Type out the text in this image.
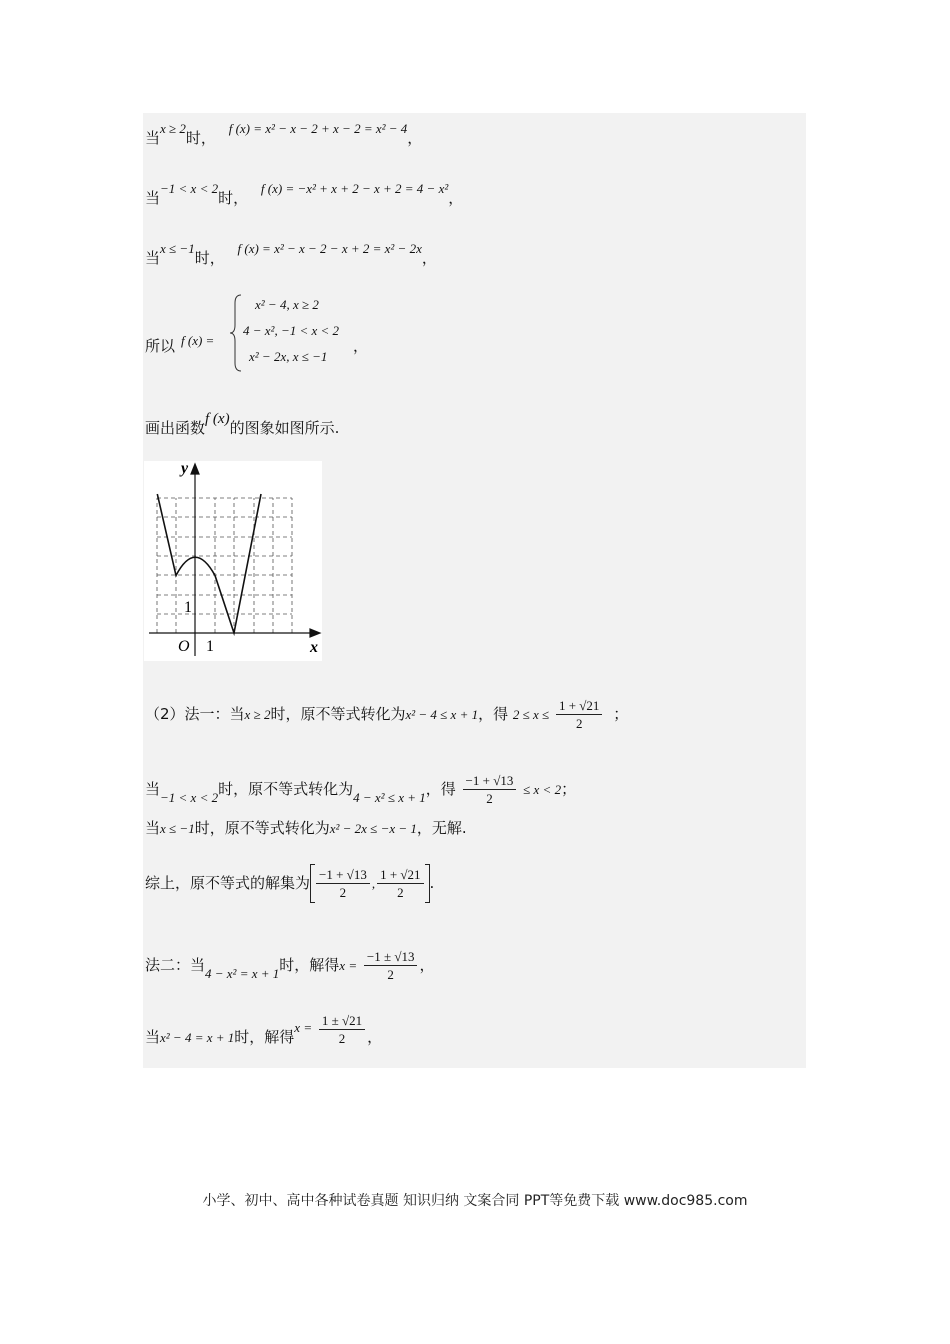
当x ≥ 2时， f (x) = x² − x − 2 + x − 2 = x² − 4，
当−1 < x < 2时， f (x) = −x² + x + 2 − x + 2 = 4 − x²，
当x ≤ −1时， f (x) = x² − x − 2 − x + 2 = x² − 2x，
所以 f (x) =
x² − 4, x ≥ 2
4 − x², −1 < x < 2
x² − 2x, x ≤ −1
，
画出函数f (x)的图象如图所示.
y
x
O 1
1
（2）法一：当x ≥ 2时，原不等式转化为x² − 4 ≤ x + 1，得 $2 \le x \le \frac{1 + √21}{2}$ ；
当−1 < x < 2时，原不等式转化为4 − x² ≤ x + 1，得 $\frac{-1 + √13}{2} \le x < 2$；
当x ≤ −1时，原不等式转化为x² − 2x ≤ −x − 1，无解.
综上，原不等式的解集为 $\frac{-1 + √13}{2}$ , $\frac{1 + √21}{2}$ .
法二：当4 − x² = x + 1时，解得$x = \frac{-1 \pm √13}{2}$ ，
当x² − 4 = x + 1时，解得$x = \frac{1 \pm √21}{2}$ ，
小学、初中、高中各种试卷真题 知识归纳 文案合同 PPT等免费下载 www.doc985.com
